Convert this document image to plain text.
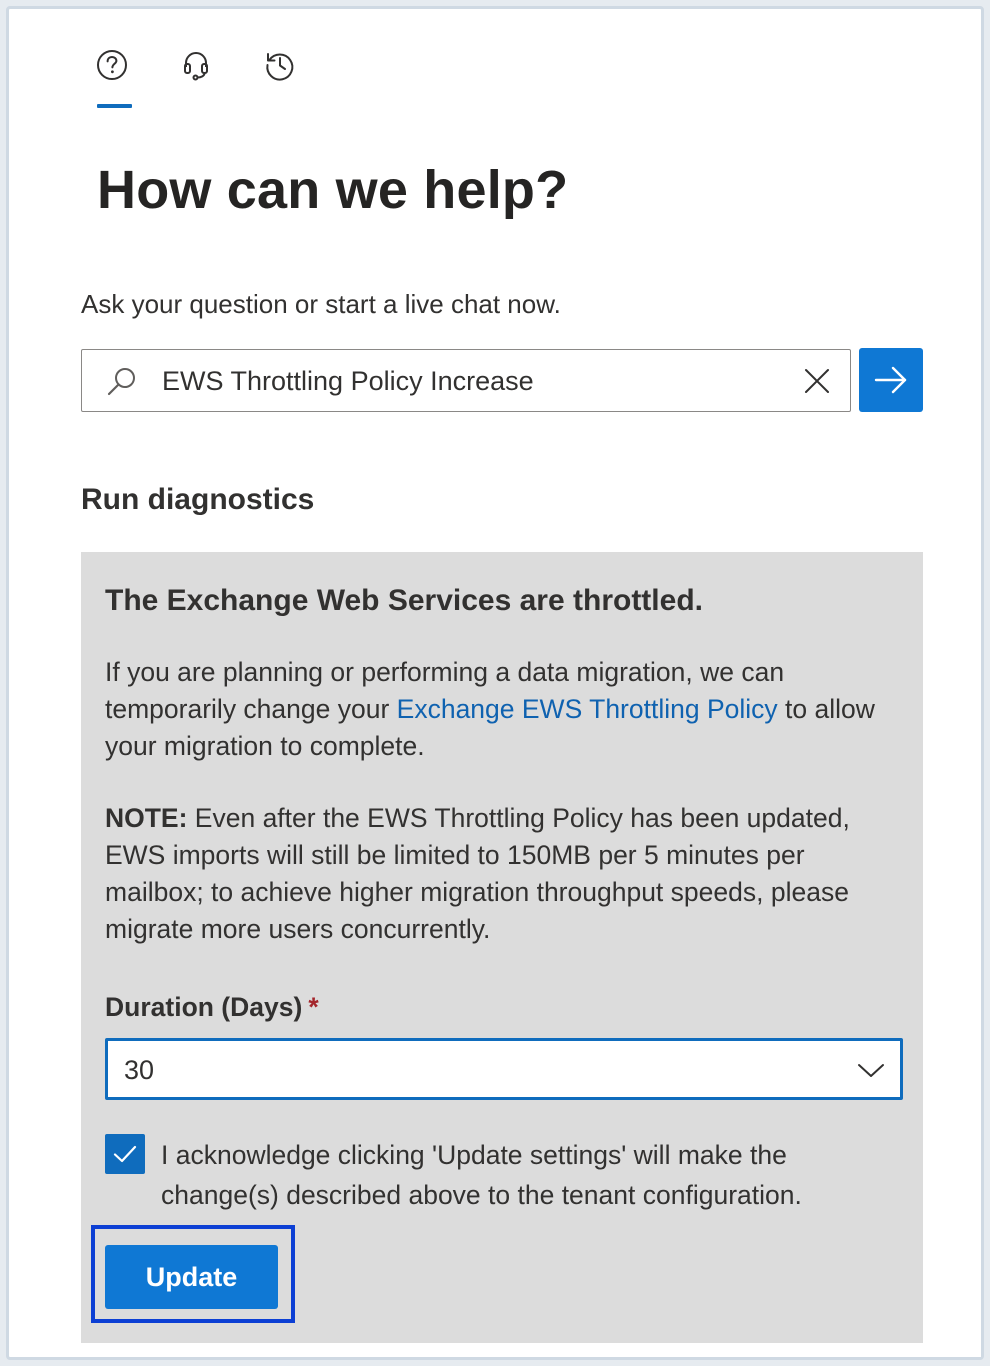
How can we help?
Ask your question or start a live chat now.
EWS Throttling Policy Increase
Run diagnostics
The Exchange Web Services are throttled.

If you are planning or performing a data migration, we can temporarily change your Exchange EWS Throttling Policy to allow your migration to complete.

NOTE: Even after the EWS Throttling Policy has been updated, EWS imports will still be limited to 150MB per 5 minutes per mailbox; to achieve higher migration throughput speeds, please migrate more users concurrently.

Duration (Days) *
30
I acknowledge clicking 'Update settings' will make the change(s) described above to the tenant configuration.
Update
